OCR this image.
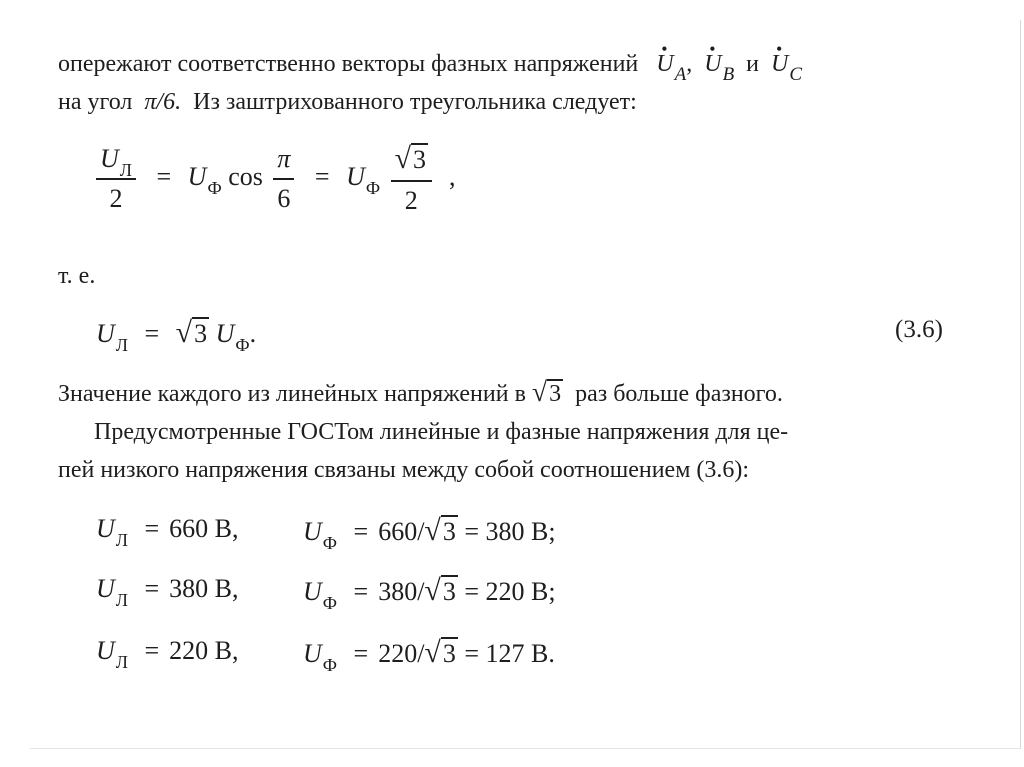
опережают соответственно векторы фазных напряжений • $U_A$, • $U_B$ и • $U_C$
на угол π/6. Из заштрихованного треугольника следует:
$\frac{U_Л}{2} = U_Ф$ $\cos \frac{\pi}{6} = U_Ф \frac{√3}{2}$ ,
т. е.
$U_Л = √3$ $U_Ф$.	(3.6)
Значение каждого из линейных напряжений в √3 раз больше фазного.
Предусмотренные ГОСТом линейные и фазные напряжения для це-
пей низкого напряжения связаны между собой соотношением (3.6):
$U_Л = 660$ В, $U_Ф = 660/√3 = 380$ В;
$U_Л = 380$ В, $U_Ф = 380/√3 = 220$ В;
$U_Л = 220$ В, $U_Ф = 220/√3 = 127$ В.
